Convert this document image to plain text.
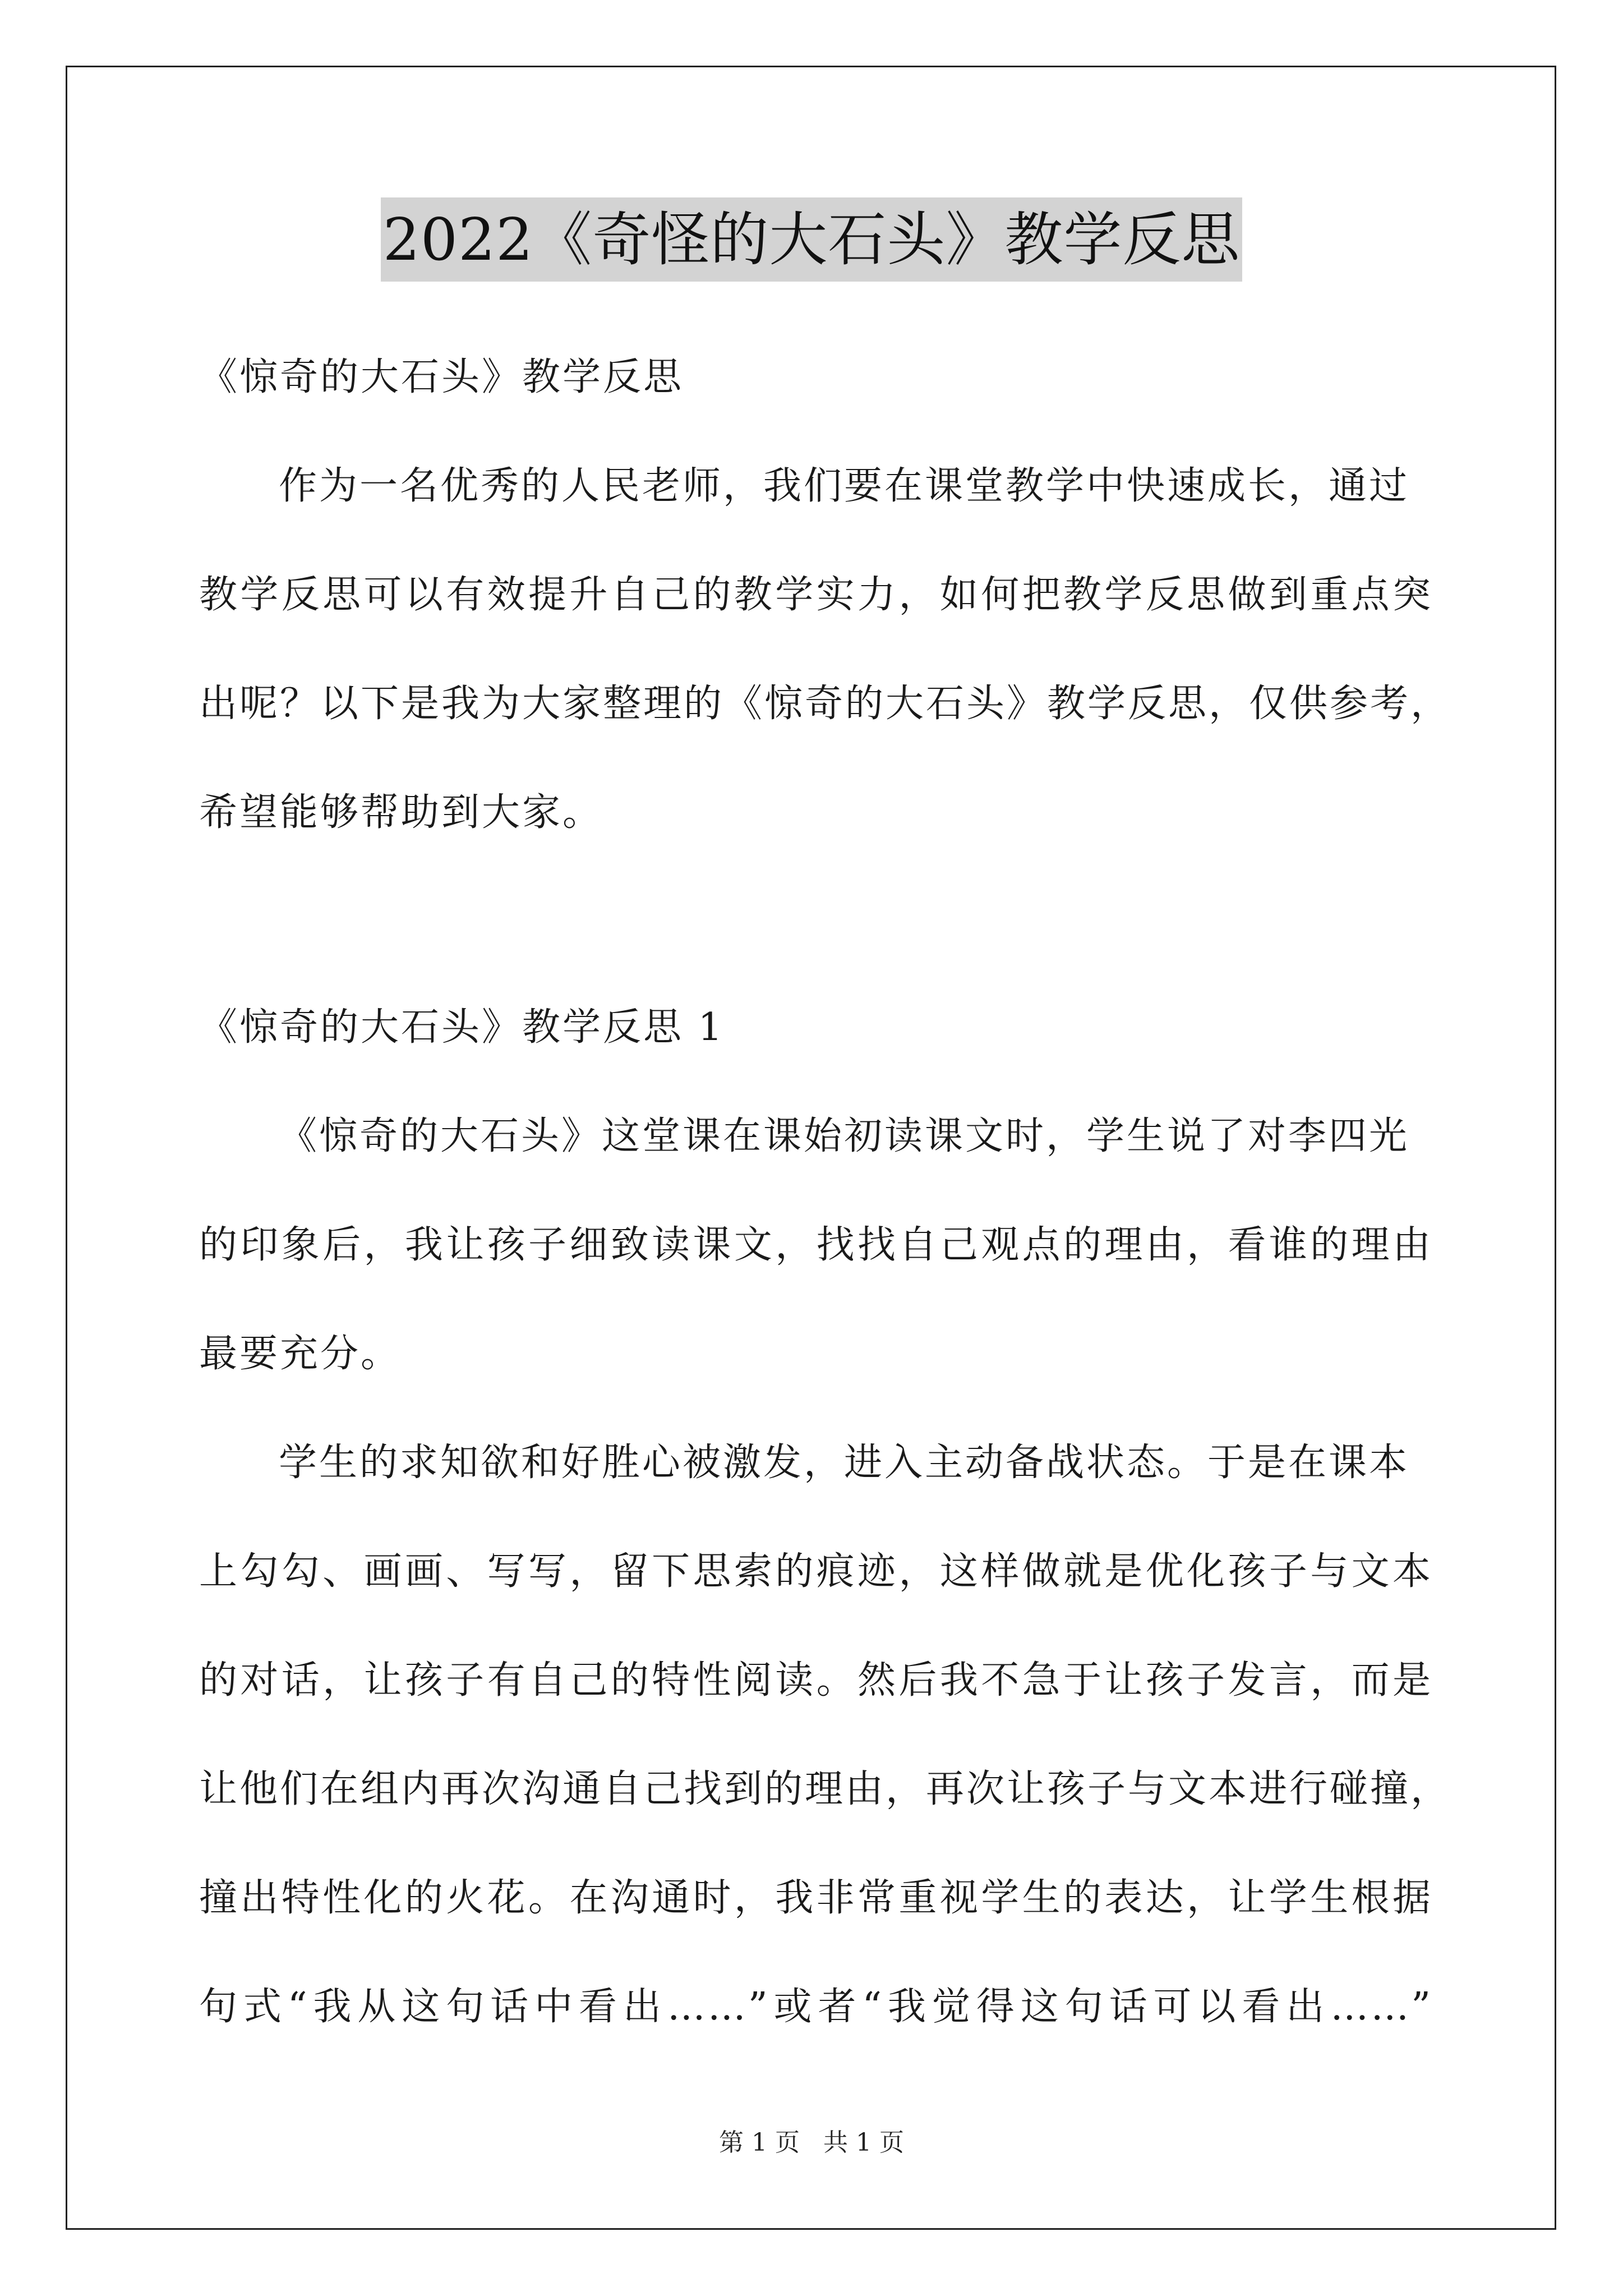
2022《奇怪的大石头》教学反思
《惊奇的大石头》教学反思
作为一名优秀的人民老师，我们要在课堂教学中快速成长，通过
教学反思可以有效提升自己的教学实力，如何把教学反思做到重点突
出呢？以下是我为大家整理的《惊奇的大石头》教学反思，仅供参考，
希望能够帮助到大家。
《惊奇的大石头》教学反思 1
《惊奇的大石头》这堂课在课始初读课文时，学生说了对李四光
的印象后，我让孩子细致读课文，找找自己观点的理由，看谁的理由
最要充分。
学生的求知欲和好胜心被激发，进入主动备战状态。于是在课本
上勾勾、画画、写写，留下思索的痕迹，这样做就是优化孩子与文本
的对话，让孩子有自己的特性阅读。然后我不急于让孩子发言，而是
让他们在组内再次沟通自己找到的理由，再次让孩子与文本进行碰撞，
撞出特性化的火花。在沟通时，我非常重视学生的表达，让学生根据
句式“我从这句话中看出……”或者“我觉得这句话可以看出……”
第 1 页 共 1 页
